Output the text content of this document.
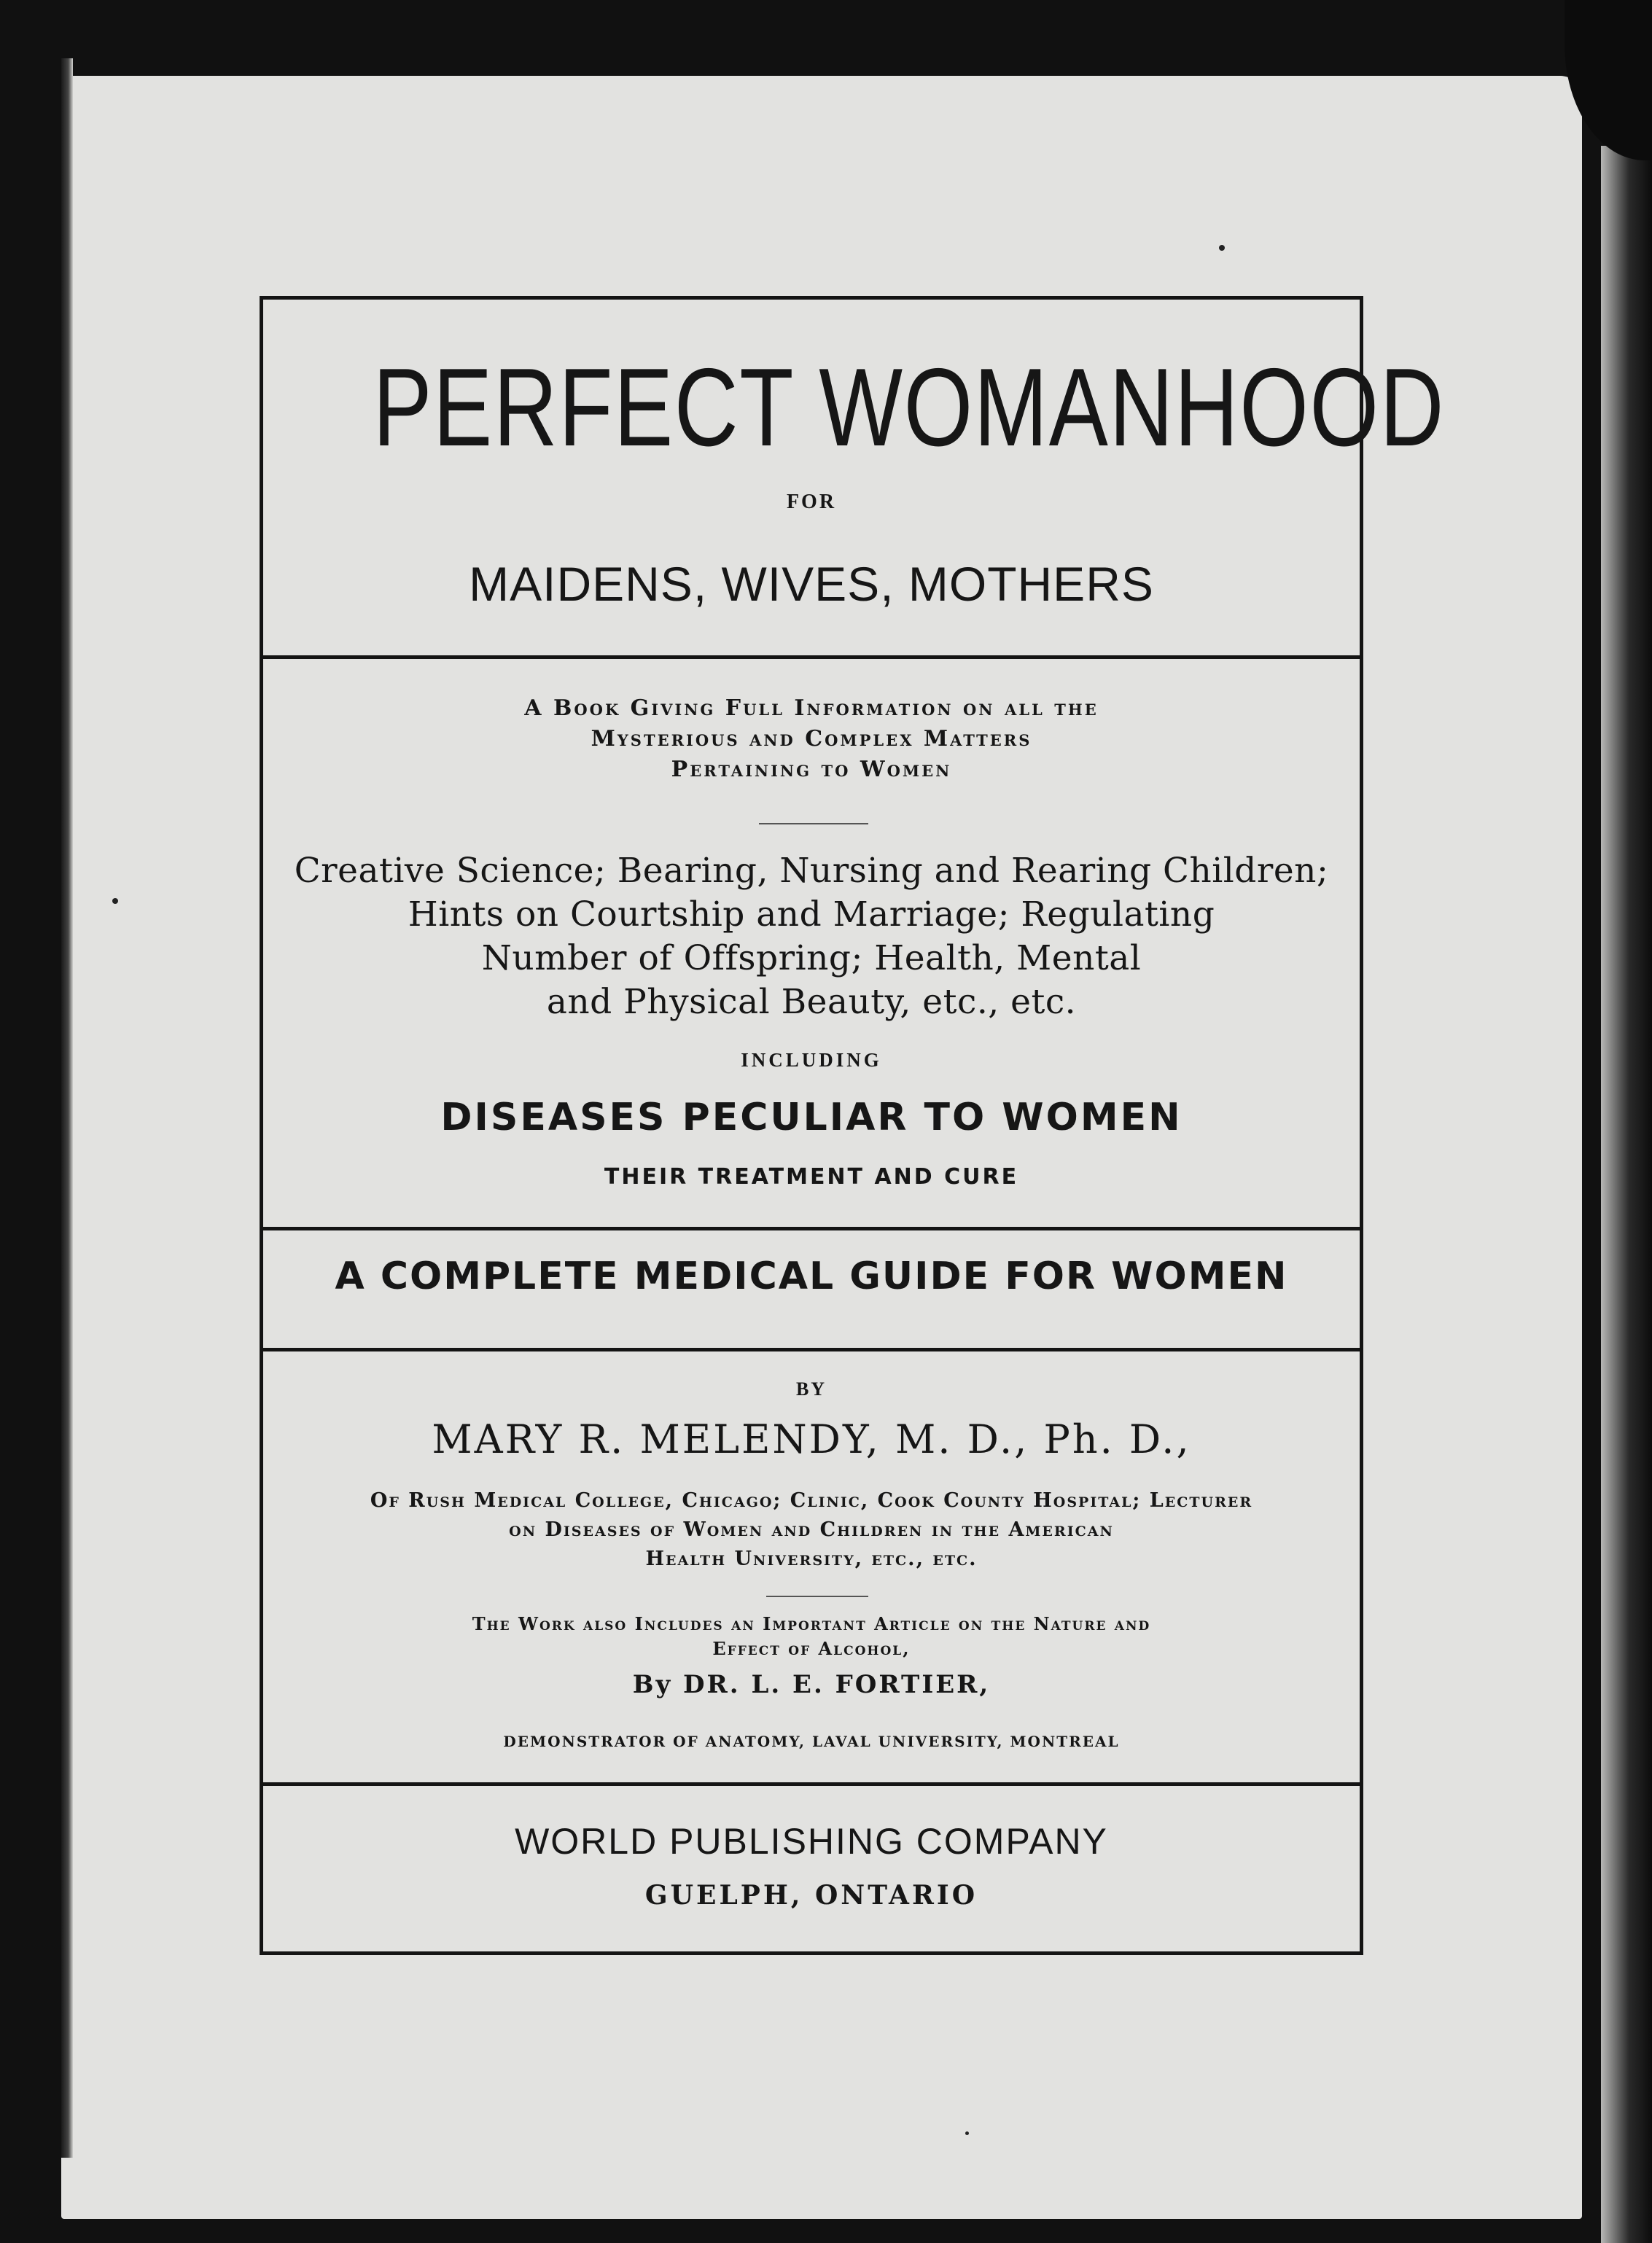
PERFECT WOMANHOOD
FOR
MAIDENS, WIVES, MOTHERS
A Book Giving Full Information on all the
Mysterious and Complex Matters
Pertaining to Women
Creative Science; Bearing, Nursing and Rearing Children;
Hints on Courtship and Marriage; Regulating
Number of Offspring; Health, Mental
and Physical Beauty, etc., etc.
INCLUDING
DISEASES PECULIAR TO WOMEN
THEIR TREATMENT AND CURE
A COMPLETE MEDICAL GUIDE FOR WOMEN
BY
MARY R. MELENDY, M. D., Ph. D.,
Of Rush Medical College, Chicago; Clinic, Cook County Hospital; Lecturer
on Diseases of Women and Children in the American
Health University, etc., etc.
The Work also Includes an Important Article on the Nature and
Effect of Alcohol,
By DR. L. E. FORTIER,
DEMONSTRATOR OF ANATOMY, LAVAL UNIVERSITY, MONTREAL
WORLD PUBLISHING COMPANY
GUELPH, ONTARIO
